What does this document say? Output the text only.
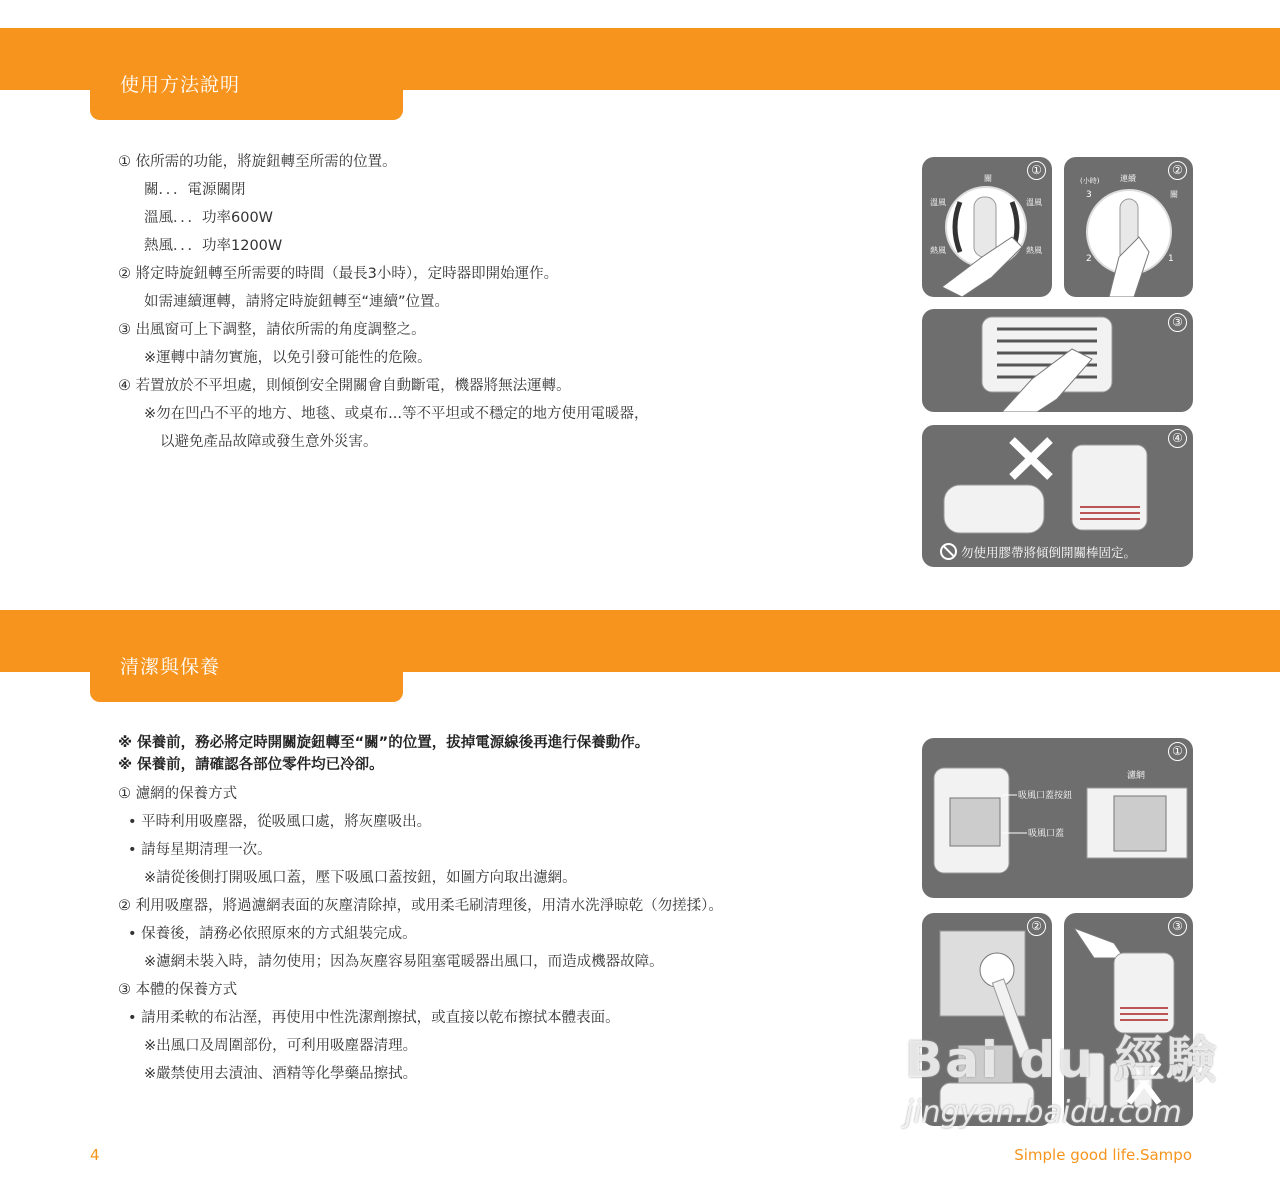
使用方法說明
① 依所需的功能，將旋鈕轉至所需的位置。
關．．．電源關閉
溫風．．．功率600W
熱風．．．功率1200W
② 將定時旋鈕轉至所需要的時間（最長3小時），定時器即開始運作。
如需連續運轉，請將定時旋鈕轉至“連續”位置。
③ 出風窗可上下調整，請依所需的角度調整之。
※運轉中請勿實施，以免引發可能性的危險。
④ 若置放於不平坦處，則傾倒安全開關會自動斷電，機器將無法運轉。
※勿在凹凸不平的地方、地毯、或桌布...等不平坦或不穩定的地方使用電暖器，
以避免產品故障或發生意外災害。
關
溫風	溫風
熱風	熱風
關
①
(小時)	連續
3	關
2	1
②
③
④
勿使用膠帶將傾倒開關棒固定。
清潔與保養
※ 保養前，務必將定時開關旋鈕轉至“關”的位置，拔掉電源線後再進行保養動作。
※ 保養前，請確認各部位零件均已冷卻。
① 濾網的保養方式
• 平時利用吸塵器，從吸風口處，將灰塵吸出。
• 請每星期清理一次。
※請從後側打開吸風口蓋，壓下吸風口蓋按鈕，如圖方向取出濾網。
② 利用吸塵器，將過濾網表面的灰塵清除掉，或用柔毛刷清理後，用清水洗淨晾乾（勿搓揉）。
• 保養後，請務必依照原來的方式組裝完成。
※濾網未裝入時，請勿使用；因為灰塵容易阻塞電暖器出風口，而造成機器故障。
③ 本體的保養方式
• 請用柔軟的布沾溼，再使用中性洗潔劑擦拭，或直接以乾布擦拭本體表面。
※出風口及周圍部份，可利用吸塵器清理。
※嚴禁使用去漬油、酒精等化學藥品擦拭。
濾網
吸風口蓋按鈕
吸風口蓋
①
②	③
Bai du 經驗
jingyan.baidu.com
4	Simple good life.Sampo
